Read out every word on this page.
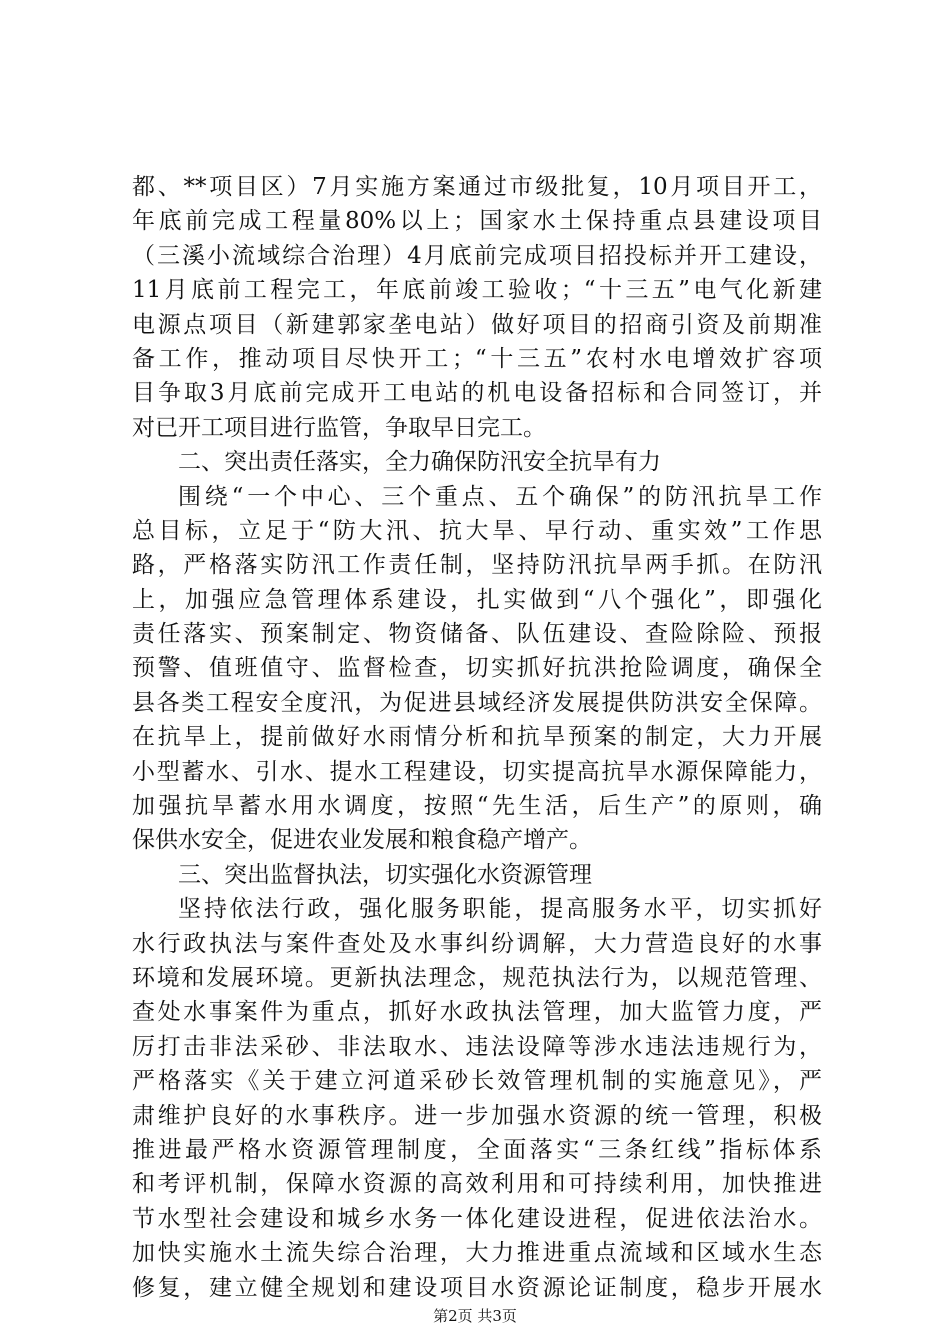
都、**项目区）7月实施方案通过市级批复，10月项目开工，
年底前完成工程量80%以上；国家水土保持重点县建设项目
（三溪小流域综合治理）4月底前完成项目招投标并开工建设，
11月底前工程完工，年底前竣工验收；“十三五”电气化新建
电源点项目（新建郭家垄电站）做好项目的招商引资及前期准
备工作，推动项目尽快开工；“十三五”农村水电增效扩容项
目争取3月底前完成开工电站的机电设备招标和合同签订，并
对已开工项目进行监管，争取早日完工。
二、突出责任落实，全力确保防汛安全抗旱有力
围绕“一个中心、三个重点、五个确保”的防汛抗旱工作
总目标，立足于“防大汛、抗大旱、早行动、重实效”工作思
路，严格落实防汛工作责任制，坚持防汛抗旱两手抓。在防汛
上，加强应急管理体系建设，扎实做到“八个强化”，即强化
责任落实、预案制定、物资储备、队伍建设、查险除险、预报
预警、值班值守、监督检查，切实抓好抗洪抢险调度，确保全
县各类工程安全度汛，为促进县域经济发展提供防洪安全保障。
在抗旱上，提前做好水雨情分析和抗旱预案的制定，大力开展
小型蓄水、引水、提水工程建设，切实提高抗旱水源保障能力，
加强抗旱蓄水用水调度，按照“先生活，后生产”的原则，确
保供水安全，促进农业发展和粮食稳产增产。
三、突出监督执法，切实强化水资源管理
坚持依法行政，强化服务职能，提高服务水平，切实抓好
水行政执法与案件查处及水事纠纷调解，大力营造良好的水事
环境和发展环境。更新执法理念，规范执法行为，以规范管理、
查处水事案件为重点，抓好水政执法管理，加大监管力度，严
厉打击非法采砂、非法取水、违法设障等涉水违法违规行为，
严格落实《关于建立河道采砂长效管理机制的实施意见》，严
肃维护良好的水事秩序。进一步加强水资源的统一管理，积极
推进最严格水资源管理制度，全面落实“三条红线”指标体系
和考评机制，保障水资源的高效利用和可持续利用，加快推进
节水型社会建设和城乡水务一体化建设进程，促进依法治水。
加快实施水土流失综合治理，大力推进重点流域和区域水生态
修复，建立健全规划和建设项目水资源论证制度，稳步开展水
第2页 共3页
